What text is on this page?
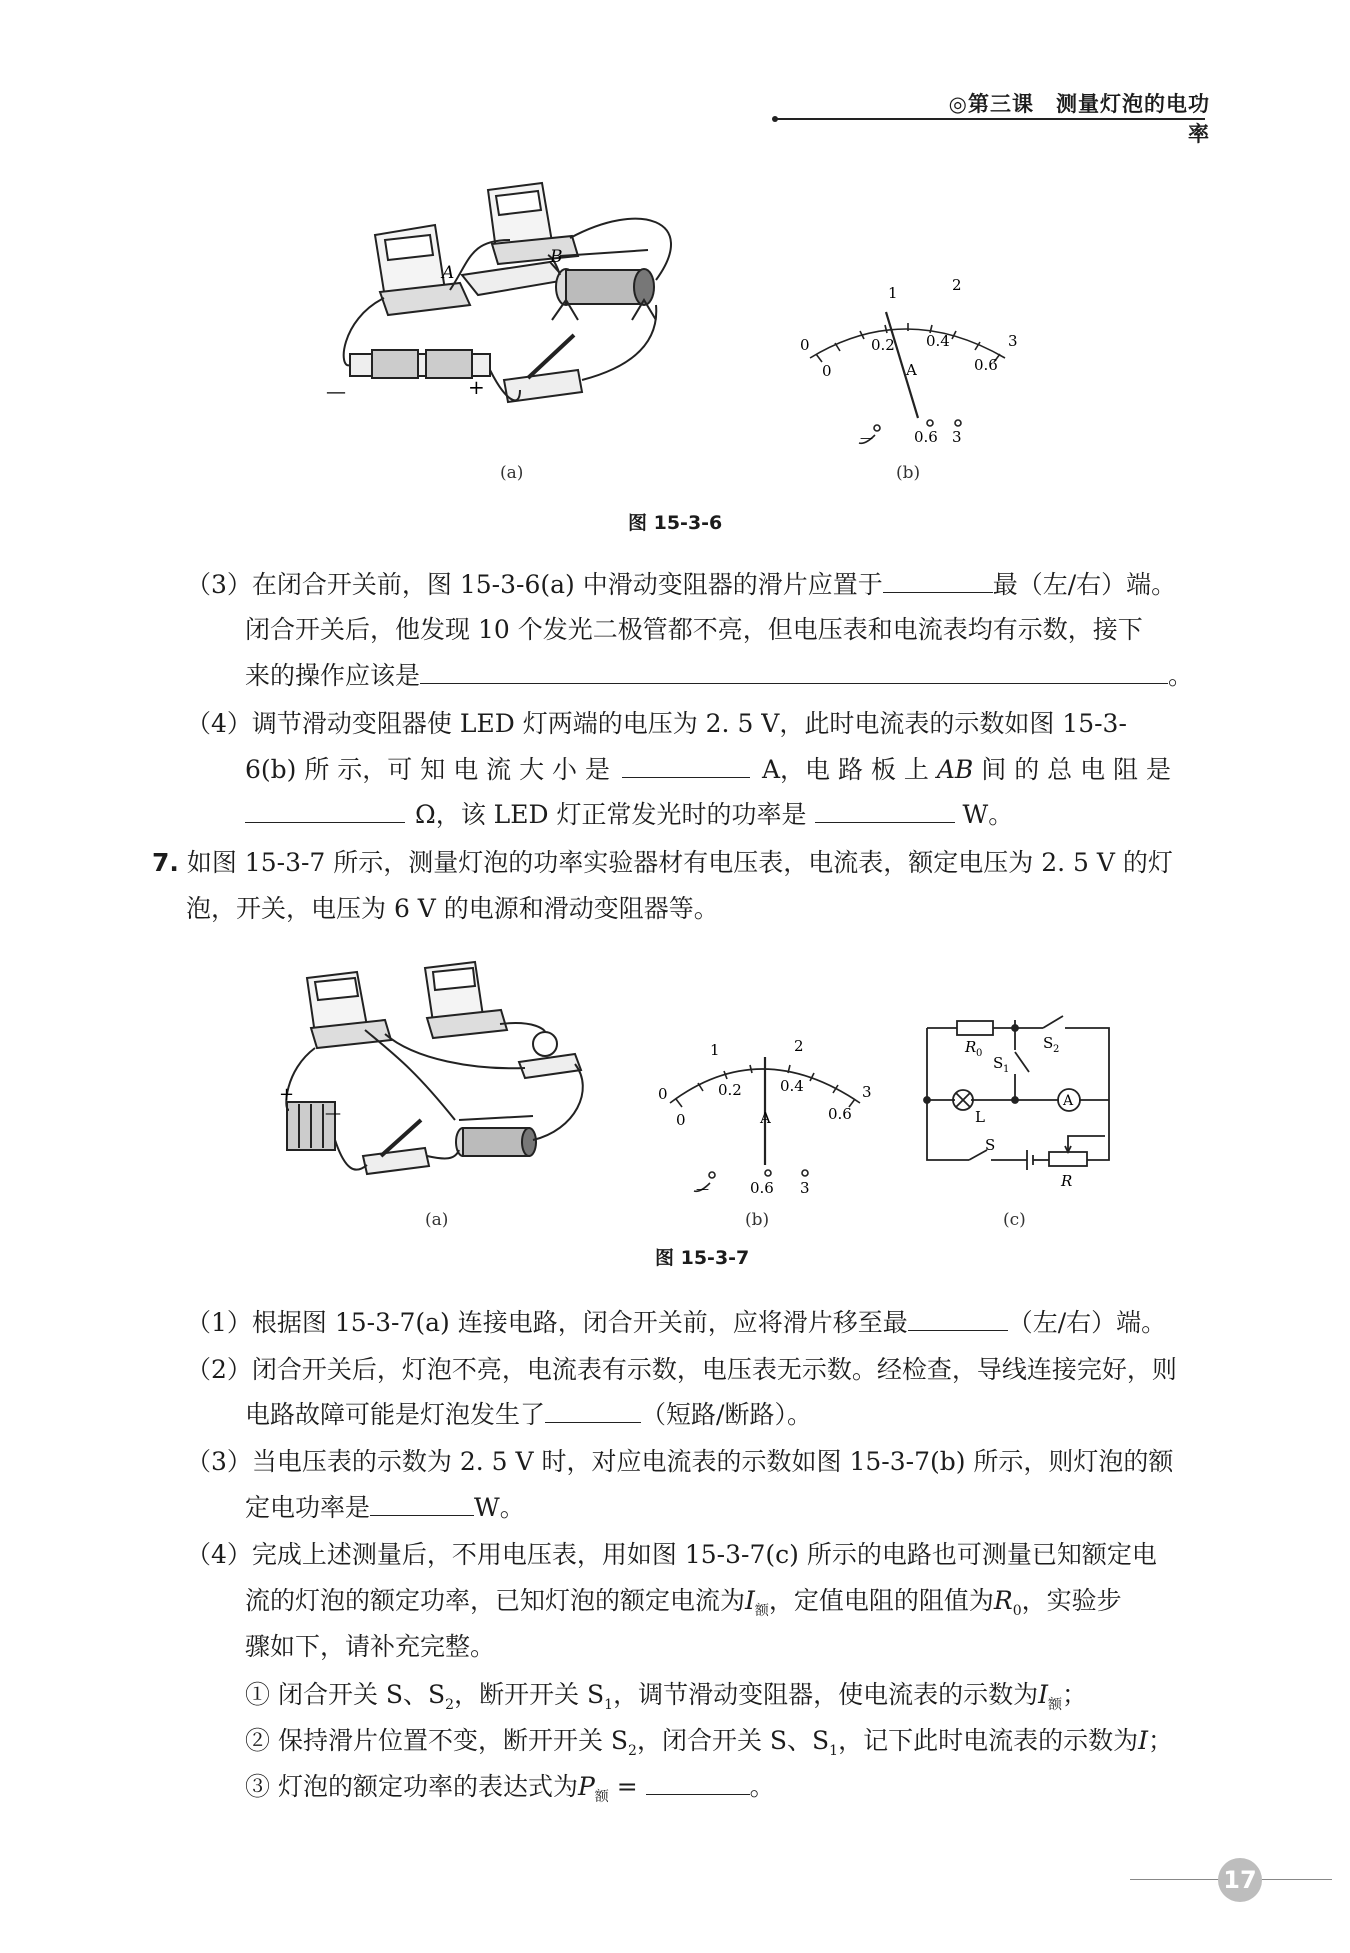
◎第三课　测量灯泡的电功率
A
B
—	+
0
1	2
3
0
0.2 0.4
0.6
A
—	0.6 3
(a)	(b)
图 15-3-6
（3）在闭合开关前，图 15-3-6(a) 中滑动变阻器的滑片应置于	最（左/右）端。
闭合开关后，他发现 10 个发光二极管都不亮，但电压表和电流表均有示数，接下
来的操作应该是	。
（4）调节滑动变阻器使 LED 灯两端的电压为 2. 5 V，此时电流表的示数如图 15-3-
6(b) 所 示，可 知 电 流 大 小 是	A，电 路 板 上 AB 间 的 总 电 阻 是
Ω，该 LED 灯正常发光时的功率是	W。
7. 如图 15-3-7 所示，测量灯泡的功率实验器材有电压表，电流表，额定电压为 2. 5 V 的灯
泡，开关，电压为 6 V 的电源和滑动变阻器等。
+
—
0
1	2
3
0
0.2	0.4
0.6
A
—	0.6 3
R 0
S 2
S 1
L
A
S
R
(a)	(b)	(c)
图 15-3-7
（1）根据图 15-3-7(a) 连接电路，闭合开关前，应将滑片移至最	（左/右）端。
（2）闭合开关后，灯泡不亮，电流表有示数，电压表无示数。经检查，导线连接完好，则
电路故障可能是灯泡发生了	（短路/断路）。
（3）当电压表的示数为 2. 5 V 时，对应电流表的示数如图 15-3-7(b) 所示，则灯泡的额
定电功率是	W。
（4）完成上述测量后，不用电压表，用如图 15-3-7(c) 所示的电路也可测量已知额定电
流的灯泡的额定功率，已知灯泡的额定电流为$I_额$，定值电阻的阻值为$R_0$，实验步
骤如下，请补充完整。
① 闭合开关 S、$S_2$，断开开关 $S_1$，调节滑动变阻器，使电流表的示数为$I_额$；
② 保持滑片位置不变，断开开关 $S_2$，闭合开关 S、$S_1$，记下此时电流表的示数为I；
③ 灯泡的额定功率的表达式为$P_额$ =	。
17
